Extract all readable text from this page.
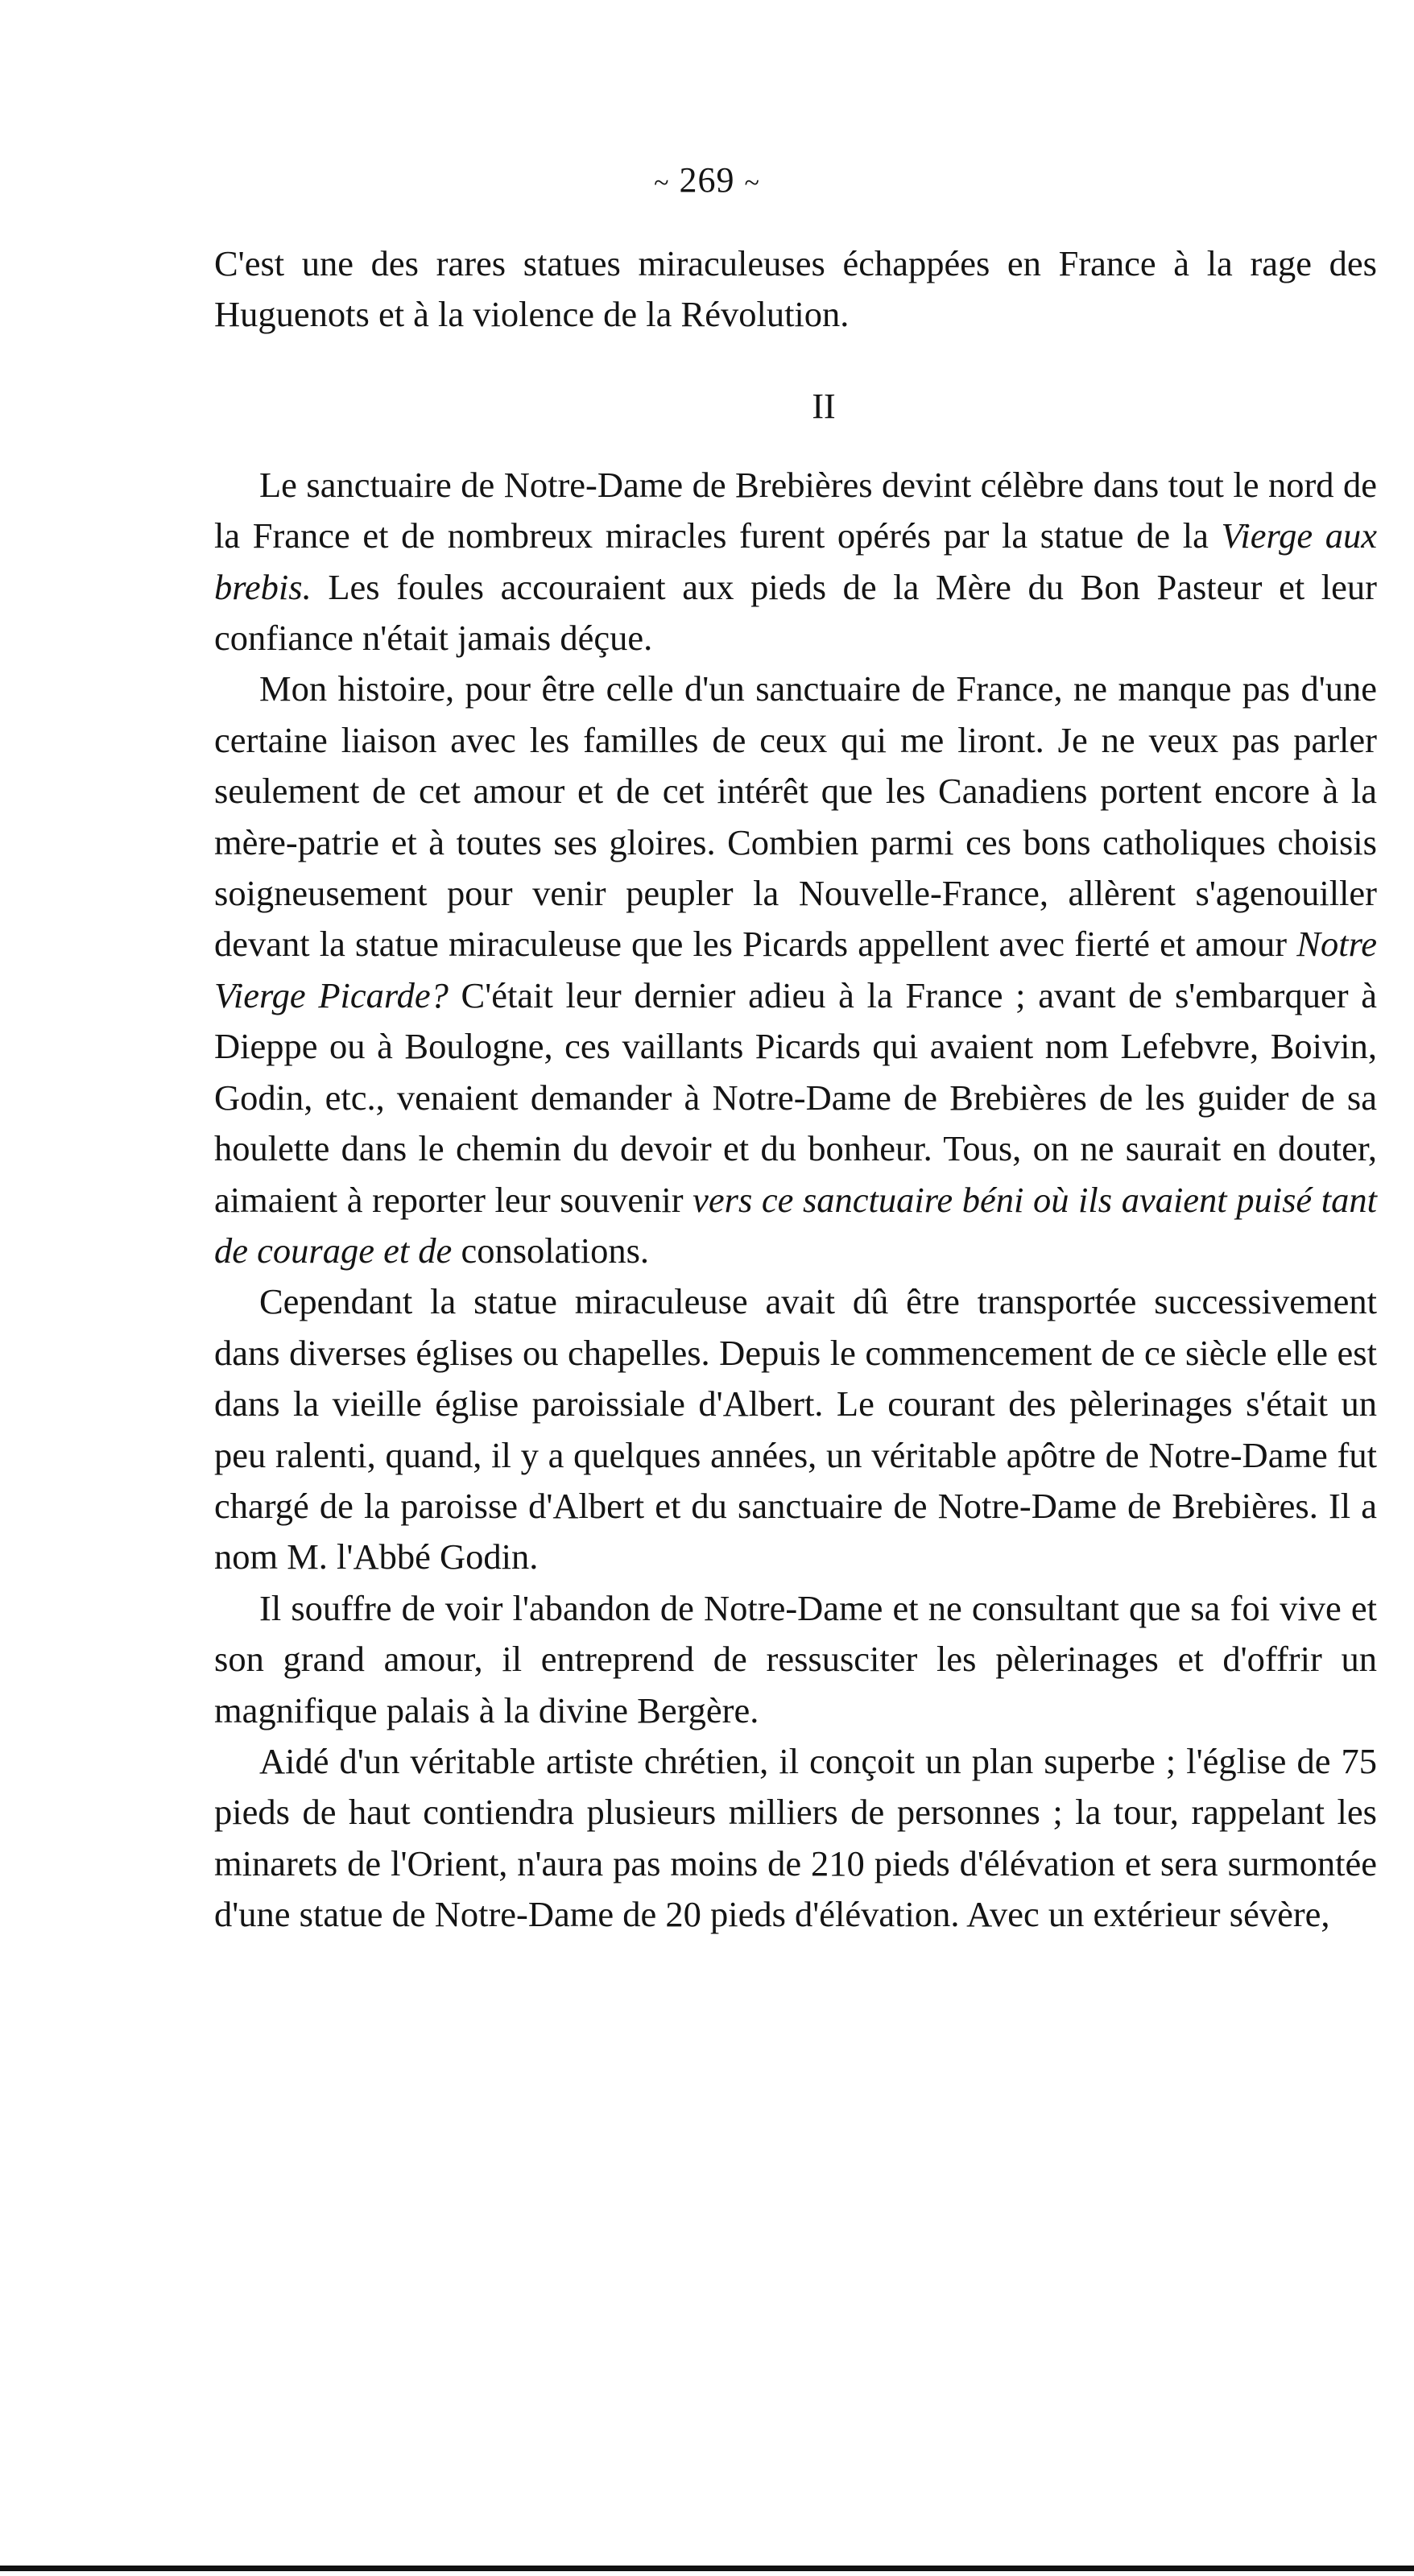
~ 269 ~

C'est une des rares statues miraculeuses échappées en France à la rage des Huguenots et à la violence de la Révolution.

II

Le sanctuaire de Notre-Dame de Brebières devint célèbre dans tout le nord de la France et de nombreux miracles furent opérés par la statue de la Vierge aux brebis. Les foules accouraient aux pieds de la Mère du Bon Pasteur et leur confiance n'était jamais déçue.

Mon histoire, pour être celle d'un sanctuaire de France, ne manque pas d'une certaine liaison avec les familles de ceux qui me liront. Je ne veux pas parler seulement de cet amour et de cet intérêt que les Canadiens portent encore à la mère-patrie et à toutes ses gloires. Combien parmi ces bons catholiques choisis soigneusement pour venir peupler la Nouvelle-France, allèrent s'agenouiller devant la statue miraculeuse que les Picards appellent avec fierté et amour Notre Vierge Picarde? C'était leur dernier adieu à la France ; avant de s'embarquer à Dieppe ou à Boulogne, ces vaillants Picards qui avaient nom Lefebvre, Boivin, Godin, etc., venaient demander à Notre-Dame de Brebières de les guider de sa houlette dans le chemin du devoir et du bonheur. Tous, on ne saurait en douter, aimaient à reporter leur souvenir vers ce sanctuaire béni où ils avaient puisé tant de courage et de consolations.

Cependant la statue miraculeuse avait dû être transportée successivement dans diverses églises ou chapelles. Depuis le commencement de ce siècle elle est dans la vieille église paroissiale d'Albert. Le courant des pèlerinages s'était un peu ralenti, quand, il y a quelques années, un véritable apôtre de Notre-Dame fut chargé de la paroisse d'Albert et du sanctuaire de Notre-Dame de Brebières. Il a nom M. l'Abbé Godin.

Il souffre de voir l'abandon de Notre-Dame et ne consultant que sa foi vive et son grand amour, il entreprend de ressusciter les pèlerinages et d'offrir un magnifique palais à la divine Bergère.

Aidé d'un véritable artiste chrétien, il conçoit un plan superbe ; l'église de 75 pieds de haut contiendra plusieurs milliers de personnes ; la tour, rappelant les minarets de l'Orient, n'aura pas moins de 210 pieds d'élévation et sera surmontée d'une statue de Notre-Dame de 20 pieds d'élévation. Avec un extérieur sévère,
